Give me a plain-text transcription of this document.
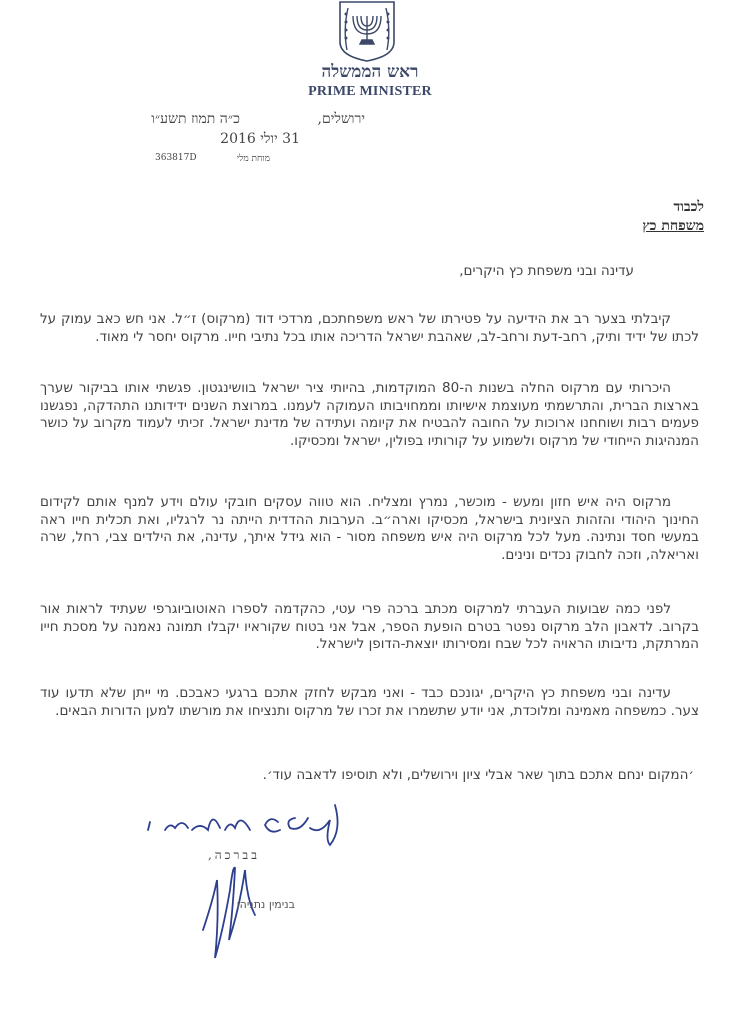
ראש הממשלה
PRIME MINISTER
ירושלים,
כ״ה תמוז תשע״ו
31 יולי 2016
363817D	מוחת מלי
לכבוד
משפחת כץ
עדינה ובני משפחת כץ היקרים,
קיבלתי בצער רב את הידיעה על פטירתו של ראש משפחתכם, מרדכי דוד (מרקוס) ז״ל. אני חש כאב עמוק על לכתו של ידיד ותיק, רחב-דעת ורחב-לב, שאהבת ישראל הדריכה אותו בכל נתיבי חייו. מרקוס יחסר לי מאוד.
היכרותי עם מרקוס החלה בשנות ה-80 המוקדמות, בהיותי ציר ישראל בוושינגטון. פגשתי אותו בביקור שערך בארצות הברית, והתרשמתי מעוצמת אישיותו וממחויבותו העמוקה לעמנו. במרוצת השנים ידידותנו התהדקה, נפגשנו פעמים רבות ושוחחנו ארוכות על החובה להבטיח את קיומה ועתידה של מדינת ישראל. זכיתי לעמוד מקרוב על כושר המנהיגות הייחודי של מרקוס ולשמוע על קורותיו בפולין, ישראל ומכסיקו.
מרקוס היה איש חזון ומעש - מוכשר, נמרץ ומצליח. הוא טווה עסקים חובקי עולם וידע למנף אותם לקידום החינוך היהודי והזהות הציונית בישראל, מכסיקו וארה״ב. הערבות ההדדית הייתה נר לרגליו, ואת תכלית חייו ראה במעשי חסד ונתינה. מעל לכל מרקוס היה איש משפחה מסור - הוא גידל איתך, עדינה, את הילדים צבי, רחל, שרה ואריאלה, וזכה לחבוק נכדים ונינים.
לפני כמה שבועות העברתי למרקוס מכתב ברכה פרי עטי, כהקדמה לספרו האוטוביוגרפי שעתיד לראות אור בקרוב. לדאבון הלב מרקוס נפטר בטרם הופעת הספר, אבל אני בטוח שקוראיו יקבלו תמונה נאמנה על מסכת חייו המרתקת, נדיבותו הראויה לכל שבח ומסירותו יוצאת-הדופן לישראל.
עדינה ובני משפחת כץ היקרים, יגונכם כבד - ואני מבקש לחזק אתכם ברגעי כאבכם. מי ייתן שלא תדעו עוד צער. כמשפחה מאמינה ומלוכדת, אני יודע שתשמרו את זכרו של מרקוס ותנציחו את מורשתו למען הדורות הבאים.
׳המקום ינחם אתכם בתוך שאר אבלי ציון וירושלים, ולא תוסיפו לדאבה עוד׳.
בברכה,
בנימין נתניהו
